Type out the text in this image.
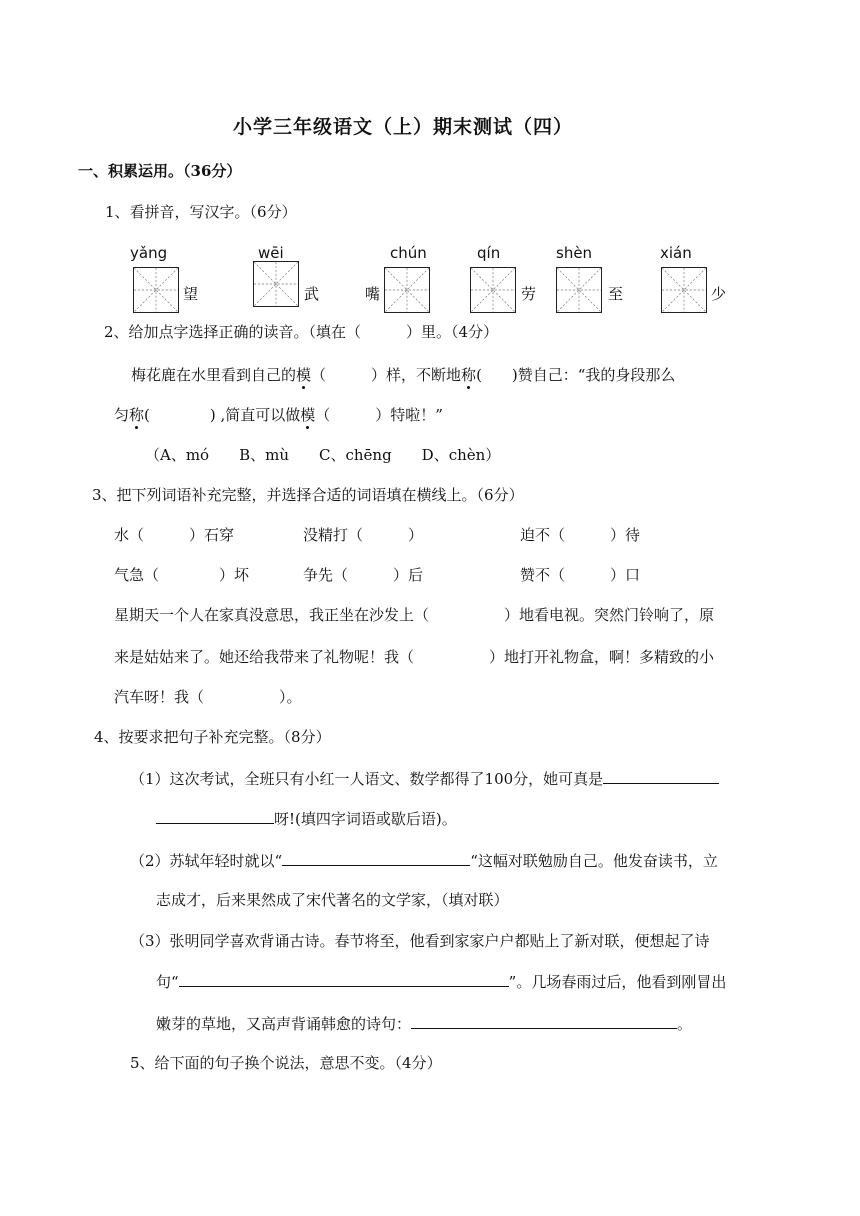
小学三年级语文（上）期末测试（四）
一、积累运用。（36分）
1、看拼音，写汉字。（6分）
yǎng	wēi	chún	qín	shèn	xián
望	武	嘴	劳	至	少
2、给加点字选择正确的读音。（填在（　　　）里。（4分）
梅花鹿在水里看到自己的模（　　　）样，不断地称(　　)赞自己：“我的身段那么
匀称(　　　　) ,简直可以做模（　　　）特啦！”
（A、mó　　B、mù　　C、chēng　　D、chèn）
3、把下列词语补充完整，并选择合适的词语填在横线上。（6分）
水（　　　）石穿	没精打（　　　）	迫不（　　　）待
气急（　　　　）坏	争先（　　　）后	赞不（　　　）口
星期天一个人在家真没意思，我正坐在沙发上（　　　　　）地看电视。突然门铃响了，原
来是姑姑来了。她还给我带来了礼物呢！我（　　　　　）地打开礼物盒，啊！多精致的小
汽车呀！我（　　　　　）。
4、按要求把句子补充完整。（8分）
（1）这次考试，全班只有小红一人语文、数学都得了100分，她可真是
呀!(填四字词语或歇后语)。
（2）苏轼年轻时就以“	“这幅对联勉励自己。他发奋读书，立
志成才，后来果然成了宋代著名的文学家，（填对联）
（3）张明同学喜欢背诵古诗。春节将至，他看到家家户户都贴上了新对联，便想起了诗
句“	”。几场春雨过后，他看到刚冒出
嫩芽的草地，又高声背诵韩愈的诗句：	。
5、给下面的句子换个说法，意思不变。（4分）
